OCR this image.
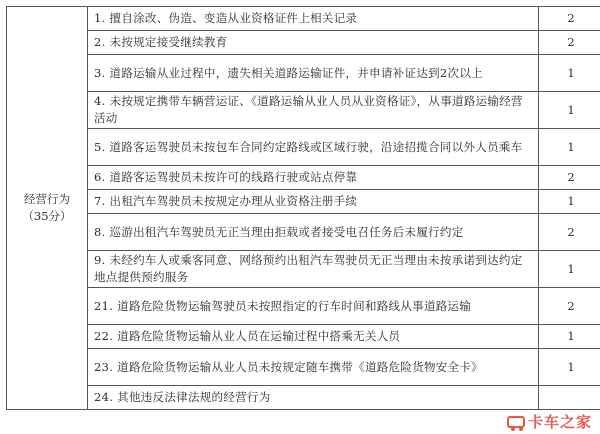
经营行为
（35分）	1. 擅自涂改、伪造、变造从业资格证件上相关记录	2
	2. 未按规定接受继续教育	2
	3. 道路运输从业过程中，遗失相关道路运输证件，并申请补证达到2次以上	1
	4. 未按规定携带车辆营运证、《道路运输从业人员从业资格证》，从事道路运输经营活动	1
	5. 道路客运驾驶员未按包车合同约定路线或区域行驶，沿途招揽合同以外人员乘车	1
	6. 道路客运驾驶员未按许可的线路行驶或站点停靠	2
	7. 出租汽车驾驶员未按规定办理从业资格注册手续	1
	8. 巡游出租汽车驾驶员无正当理由拒载或者接受电召任务后未履行约定	2
	9. 未经约车人或乘客同意、网络预约出租汽车驾驶员无正当理由未按承诺到达约定地点提供预约服务	1
	21. 道路危险货物运输驾驶员未按照指定的行车时间和路线从事道路运输	2
	22. 道路危险货物运输从业人员在运输过程中搭乘无关人员	1
	23. 道路危险货物运输从业人员未按规定随车携带《道路危险货物安全卡》	1
	24. 其他违反法律法规的经营行为	
卡车之家
